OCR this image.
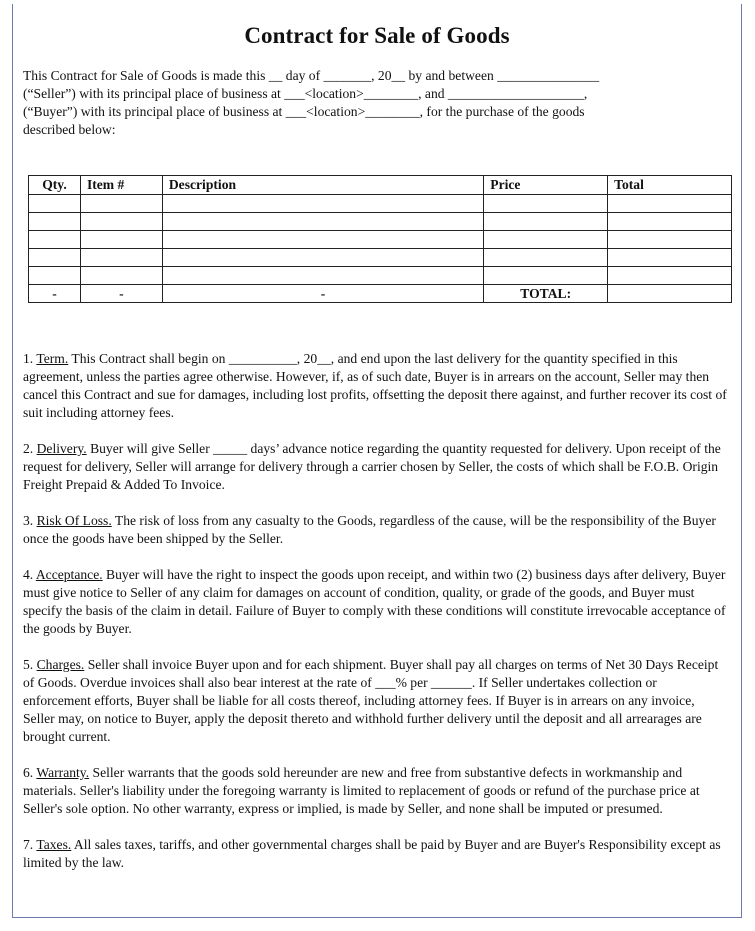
Contract for Sale of Goods
This Contract for Sale of Goods is made this __ day of _______, 20__ by and between _______________
(“Seller”) with its principal place of business at ___<location>________, and ____________________,
(“Buyer”) with its principal place of business at ___<location>________, for the purchase of the goods
described below:
Qty.	Item #	Description	Price	Total

-	-	-	TOTAL:	

1. Term. This Contract shall begin on __________, 20__, and end upon the last delivery for the quantity specified in this agreement, unless the parties agree otherwise. However, if, as of such date, Buyer is in arrears on the account, Seller may then cancel this Contract and sue for damages, including lost profits, offsetting the deposit there against, and further recover its cost of suit including attorney fees.

2. Delivery. Buyer will give Seller _____ days’ advance notice regarding the quantity requested for delivery. Upon receipt of the request for delivery, Seller will arrange for delivery through a carrier chosen by Seller, the costs of which shall be F.O.B. Origin Freight Prepaid & Added To Invoice.

3. Risk Of Loss. The risk of loss from any casualty to the Goods, regardless of the cause, will be the responsibility of the Buyer once the goods have been shipped by the Seller.

4. Acceptance. Buyer will have the right to inspect the goods upon receipt, and within two (2) business days after delivery, Buyer must give notice to Seller of any claim for damages on account of condition, quality, or grade of the goods, and Buyer must specify the basis of the claim in detail. Failure of Buyer to comply with these conditions will constitute irrevocable acceptance of the goods by Buyer.

5. Charges. Seller shall invoice Buyer upon and for each shipment. Buyer shall pay all charges on terms of Net 30 Days Receipt of Goods. Overdue invoices shall also bear interest at the rate of ___% per ______. If Seller undertakes collection or enforcement efforts, Buyer shall be liable for all costs thereof, including attorney fees. If Buyer is in arrears on any invoice, Seller may, on notice to Buyer, apply the deposit thereto and withhold further delivery until the deposit and all arrearages are brought current.

6. Warranty. Seller warrants that the goods sold hereunder are new and free from substantive defects in workmanship and materials. Seller's liability under the foregoing warranty is limited to replacement of goods or refund of the purchase price at Seller's sole option. No other warranty, express or implied, is made by Seller, and none shall be imputed or presumed.

7. Taxes. All sales taxes, tariffs, and other governmental charges shall be paid by Buyer and are Buyer's Responsibility except as limited by the law.
